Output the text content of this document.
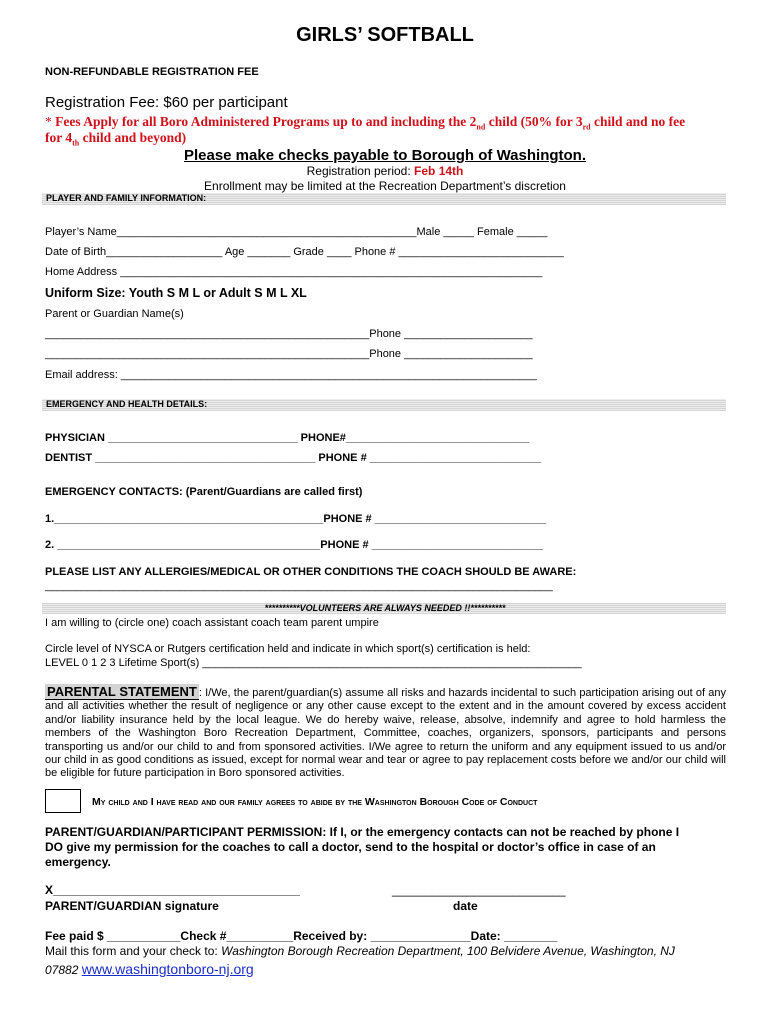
GIRLS’ SOFTBALL
NON-REFUNDABLE REGISTRATION FEE
Registration Fee: $60 per participant
* Fees Apply for all Boro Administered Programs up to and including the $2_{nd}$ child (50% for $3_{rd}$ child and no fee
for $4_{th}$ child and beyond)
Please make checks payable to Borough of Washington.
Registration period: Feb 14th
Enrollment may be limited at the Recreation Department’s discretion
PLAYER AND FAMILY INFORMATION:
Player’s Name_________________________________________________Male _____ Female _____
Date of Birth___________________ Age _______ Grade ____ Phone # ___________________________
Home Address _____________________________________________________________________
Uniform Size: Youth S M L or Adult S M L XL
Parent or Guardian Name(s)
_____________________________________________________Phone _____________________
_____________________________________________________Phone _____________________
Email address: ____________________________________________________________________
EMERGENCY AND HEALTH DETAILS:
PHYSICIAN _______________________________ PHONE#______________________________
DENTIST ____________________________________ PHONE # ____________________________
EMERGENCY CONTACTS: (Parent/Guardians are called first)
1.____________________________________________PHONE # ____________________________
2. ___________________________________________PHONE # ____________________________
PLEASE LIST ANY ALLERGIES/MEDICAL OR OTHER CONDITIONS THE COACH SHOULD BE AWARE:
___________________________________________________________________________________
**********VOLUNTEERS ARE ALWAYS NEEDED !!**********
I am willing to (circle one) coach assistant coach team parent umpire
Circle level of NYSCA or Rutgers certification held and indicate in which sport(s) certification is held:
LEVEL 0 1 2 3 Lifetime Sport(s) ______________________________________________________________
PARENTAL STATEMENT : I/We, the parent/guardian(s) assume all risks and hazards incidental to such participation arising out of any and all activities whether the result of negligence or any other cause except to the extent and in the amount covered by excess accident and/or liability insurance held by the local league. We do hereby waive, release, absolve, indemnify and agree to hold harmless the members of the Washington Boro Recreation Department, Committee, coaches, organizers, sponsors, participants and persons transporting us and/or our child to and from sponsored activities. I/We agree to return the uniform and any equipment issued to us and/or our child in as good conditions as issued, except for normal wear and tear or agree to pay replacement costs before we and/or our child will be eligible for future participation in Boro sponsored activities.
My child and I have read and our family agrees to abide by the Washington Borough Code of Conduct
PARENT/GUARDIAN/PARTICIPANT PERMISSION: If I, or the emergency contacts can not be reached by phone I
DO give my permission for the coaches to call a doctor, send to the hospital or doctor’s office in case of an
emergency.
X_____________________________________	__________________________
PARENT/GUARDIAN signature	date
Fee paid $ ___________Check #__________Received by: _______________Date: ________
Mail this form and your check to: Washington Borough Recreation Department, 100 Belvidere Avenue, Washington, NJ
07882 www.washingtonboro-nj.org
